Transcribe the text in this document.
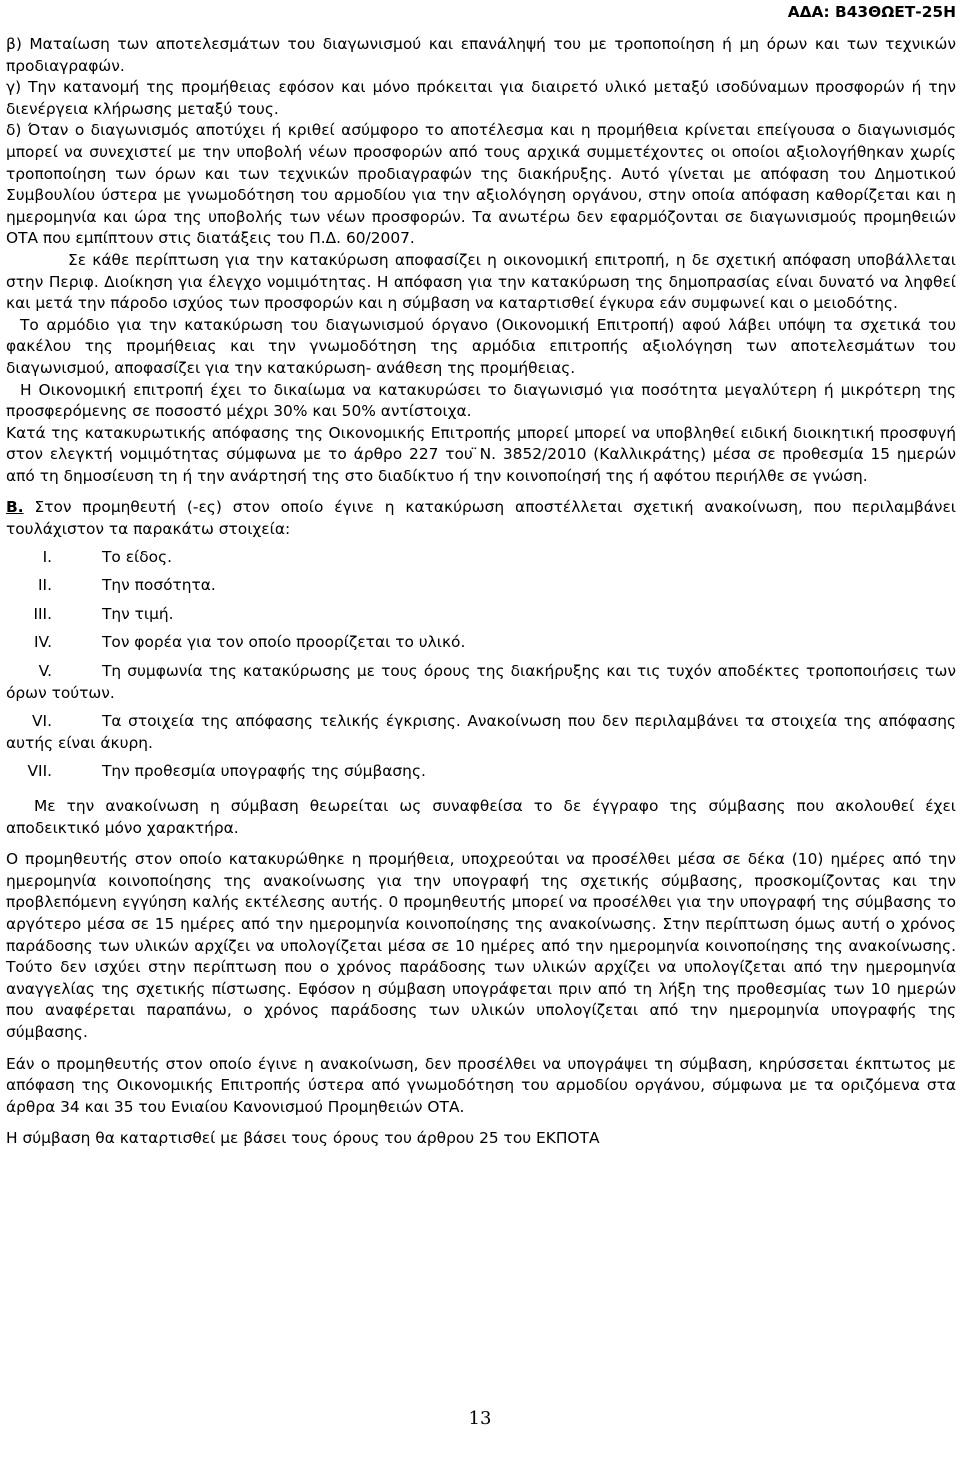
ΑΔΑ: Β43ΘΩΕΤ-25Η

β) Ματαίωση των αποτελεσμάτων του διαγωνισμού και επανάληψή του με τροποποίηση ή μη όρων και των τεχνικών προδιαγραφών.

γ) Την κατανομή της προμήθειας εφόσον και μόνο πρόκειται για διαιρετό υλικό μεταξύ ισοδύναμων προσφορών ή την διενέργεια κλήρωσης μεταξύ τους.

δ) Όταν ο διαγωνισμός αποτύχει ή κριθεί ασύμφορο το αποτέλεσμα και η προμήθεια κρίνεται επείγουσα ο διαγωνισμός μπορεί να συνεχιστεί με την υποβολή νέων προσφορών από τους αρχικά συμμετέχοντες οι οποίοι αξιολογήθηκαν χωρίς τροποποίηση των όρων και των τεχνικών προδιαγραφών της διακήρυξης. Αυτό γίνεται με απόφαση του Δημοτικού Συμβουλίου ύστερα με γνωμοδότηση του αρμοδίου για την αξιολόγηση οργάνου, στην οποία απόφαση καθορίζεται και η ημερομηνία και ώρα της υποβολής των νέων προσφορών. Τα ανωτέρω δεν εφαρμόζονται σε διαγωνισμούς προμηθειών ΟΤΑ που εμπίπτουν στις διατάξεις του Π.Δ. 60/2007.

Σε κάθε περίπτωση για την κατακύρωση αποφασίζει η οικονομική επιτροπή, η δε σχετική απόφαση υποβάλλεται στην Περιφ. Διοίκηση για έλεγχο νομιμότητας. Η απόφαση για την κατακύρωση της δημοπρασίας είναι δυνατό να ληφθεί και μετά την πάροδο ισχύος των προσφορών και η σύμβαση να καταρτισθεί έγκυρα εάν συμφωνεί και ο μειοδότης.

Το αρμόδιο για την κατακύρωση του διαγωνισμού όργανο (Οικονομική Επιτροπή) αφού λάβει υπόψη τα σχετικά του φακέλου της προμήθειας και την γνωμοδότηση της αρμόδια επιτροπής αξιολόγηση των αποτελεσμάτων του διαγωνισμού, αποφασίζει για την κατακύρωση- ανάθεση της προμήθειας.

Η Οικονομική επιτροπή έχει το δικαίωμα να κατακυρώσει το διαγωνισμό για ποσότητα μεγαλύτερη ή μικρότερη της προσφερόμενης σε ποσοστό μέχρι 30% και 50% αντίστοιχα.

Κατά της κατακυρωτικής απόφασης της Οικονομικής Επιτροπής μπορεί μπορεί να υποβληθεί ειδική διοικητική προσφυγή στον ελεγκτή νομιμότητας σύμφωνα με το άρθρο 227 του ̈Ν. 3852/2010 (Καλλικράτης) μέσα σε προθεσμία 15 ημερών από τη δημοσίευση τη ή την ανάρτησή της στο διαδίκτυο ή την κοινοποίησή της ή αφότου περιήλθε σε γνώση.

Β. Στον προμηθευτή (-ες) στον οποίο έγινε η κατακύρωση αποστέλλεται σχετική ανακοίνωση, που περιλαμβάνει τουλάχιστον τα παρακάτω στοιχεία:

I.	Το είδος.
II.	Την ποσότητα.
III.	Την τιμή.
IV.	Τον φορέα για τον οποίο προορίζεται το υλικό.
V.	Τη συμφωνία της κατακύρωσης με τους όρους της διακήρυξης και τις τυχόν αποδέκτες τροποποιήσεις των όρων τούτων.
VI.	Τα στοιχεία της απόφασης τελικής έγκρισης. Ανακοίνωση που δεν περιλαμβάνει τα στοιχεία της απόφασης αυτής είναι άκυρη.
VII.	Την προθεσμία υπογραφής της σύμβασης.

Με την ανακοίνωση η σύμβαση θεωρείται ως συναφθείσα το δε έγγραφο της σύμβασης που ακολουθεί έχει αποδεικτικό μόνο χαρακτήρα.

Ο προμηθευτής στον οποίο κατακυρώθηκε η προμήθεια, υποχρεούται να προσέλθει μέσα σε δέκα (10) ημέρες από την ημερομηνία κοινοποίησης της ανακοίνωσης για την υπογραφή της σχετικής σύμβασης, προσκομίζοντας και την προβλεπόμενη εγγύηση καλής εκτέλεσης αυτής. 0 προμηθευτής μπορεί να προσέλθει για την υπογραφή της σύμβασης το αργότερο μέσα σε 15 ημέρες από την ημερομηνία κοινοποίησης της ανακοίνωσης. Στην περίπτωση όμως αυτή ο χρόνος παράδοσης των υλικών αρχίζει να υπολογίζεται μέσα σε 10 ημέρες από την ημερομηνία κοινοποίησης της ανακοίνωσης. Τούτο δεν ισχύει στην περίπτωση που ο χρόνος παράδοσης των υλικών αρχίζει να υπολογίζεται από την ημερομηνία αναγγελίας της σχετικής πίστωσης. Εφόσον η σύμβαση υπογράφεται πριν από τη λήξη της προθεσμίας των 10 ημερών που αναφέρεται παραπάνω, ο χρόνος παράδοσης των υλικών υπολογίζεται από την ημερομηνία υπογραφής της σύμβασης.

Εάν ο προμηθευτής στον οποίο έγινε η ανακοίνωση, δεν προσέλθει να υπογράψει τη σύμβαση, κηρύσσεται έκπτωτος με απόφαση της Οικονομικής Επιτροπής ύστερα από γνωμοδότηση του αρμοδίου οργάνου, σύμφωνα με τα οριζόμενα στα άρθρα 34 και 35 του Ενιαίου Κανονισμού Προμηθειών ΟΤΑ.

Η σύμβαση θα καταρτισθεί με βάσει τους όρους του άρθρου 25 του ΕΚΠΟΤΑ

13
